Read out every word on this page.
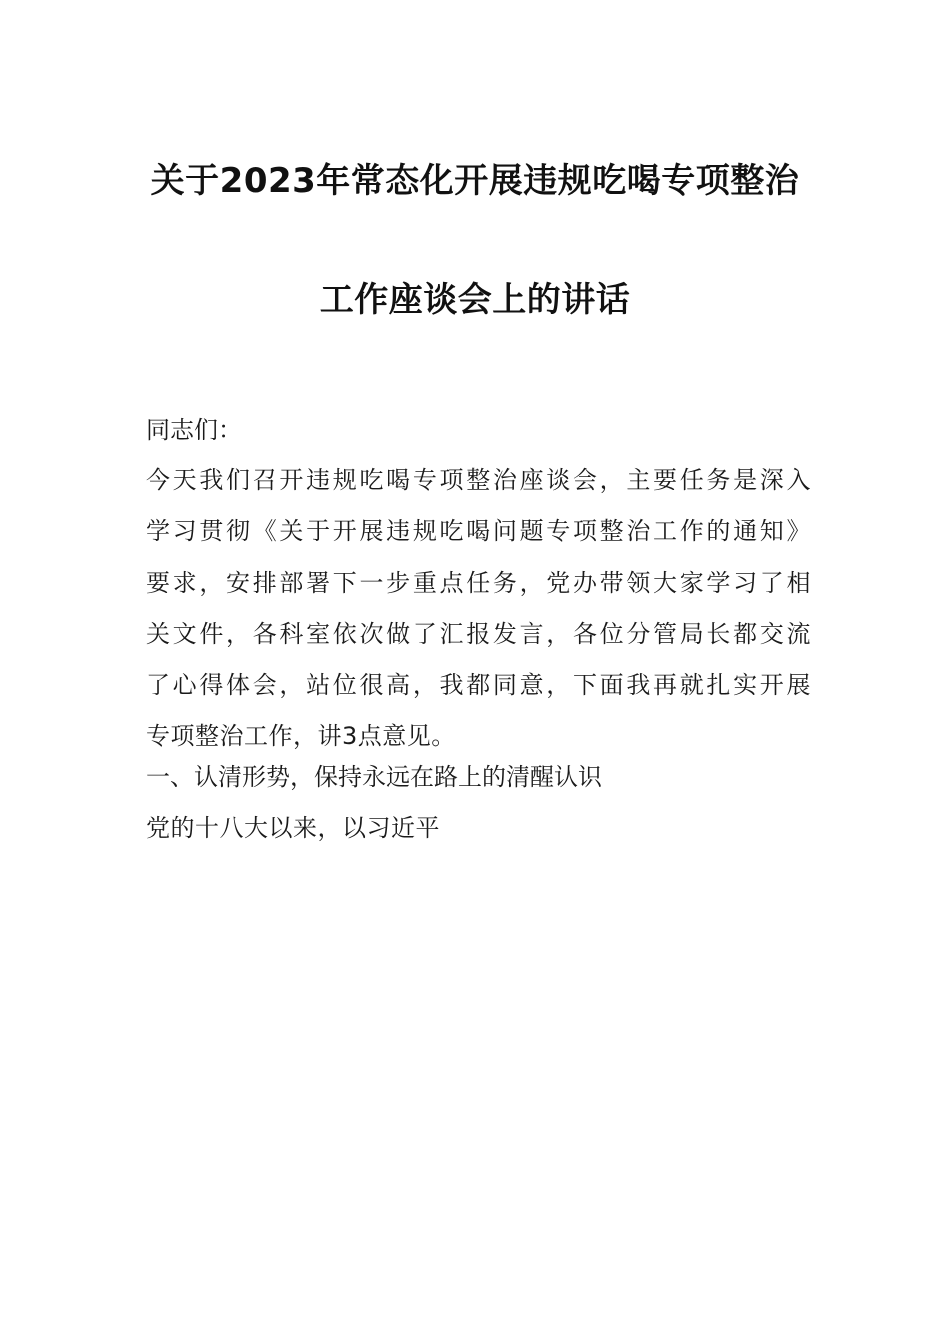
关于2023年常态化开展违规吃喝专项整治
工作座谈会上的讲话
同志们：
今天我们召开违规吃喝专项整治座谈会，主要任务是深入
学习贯彻《关于开展违规吃喝问题专项整治工作的通知》
要求，安排部署下一步重点任务，党办带领大家学习了相
关文件，各科室依次做了汇报发言，各位分管局长都交流
了心得体会，站位很高，我都同意，下面我再就扎实开展
专项整治工作，讲3点意见。
一、认清形势，保持永远在路上的清醒认识
党的十八大以来，以习近平
